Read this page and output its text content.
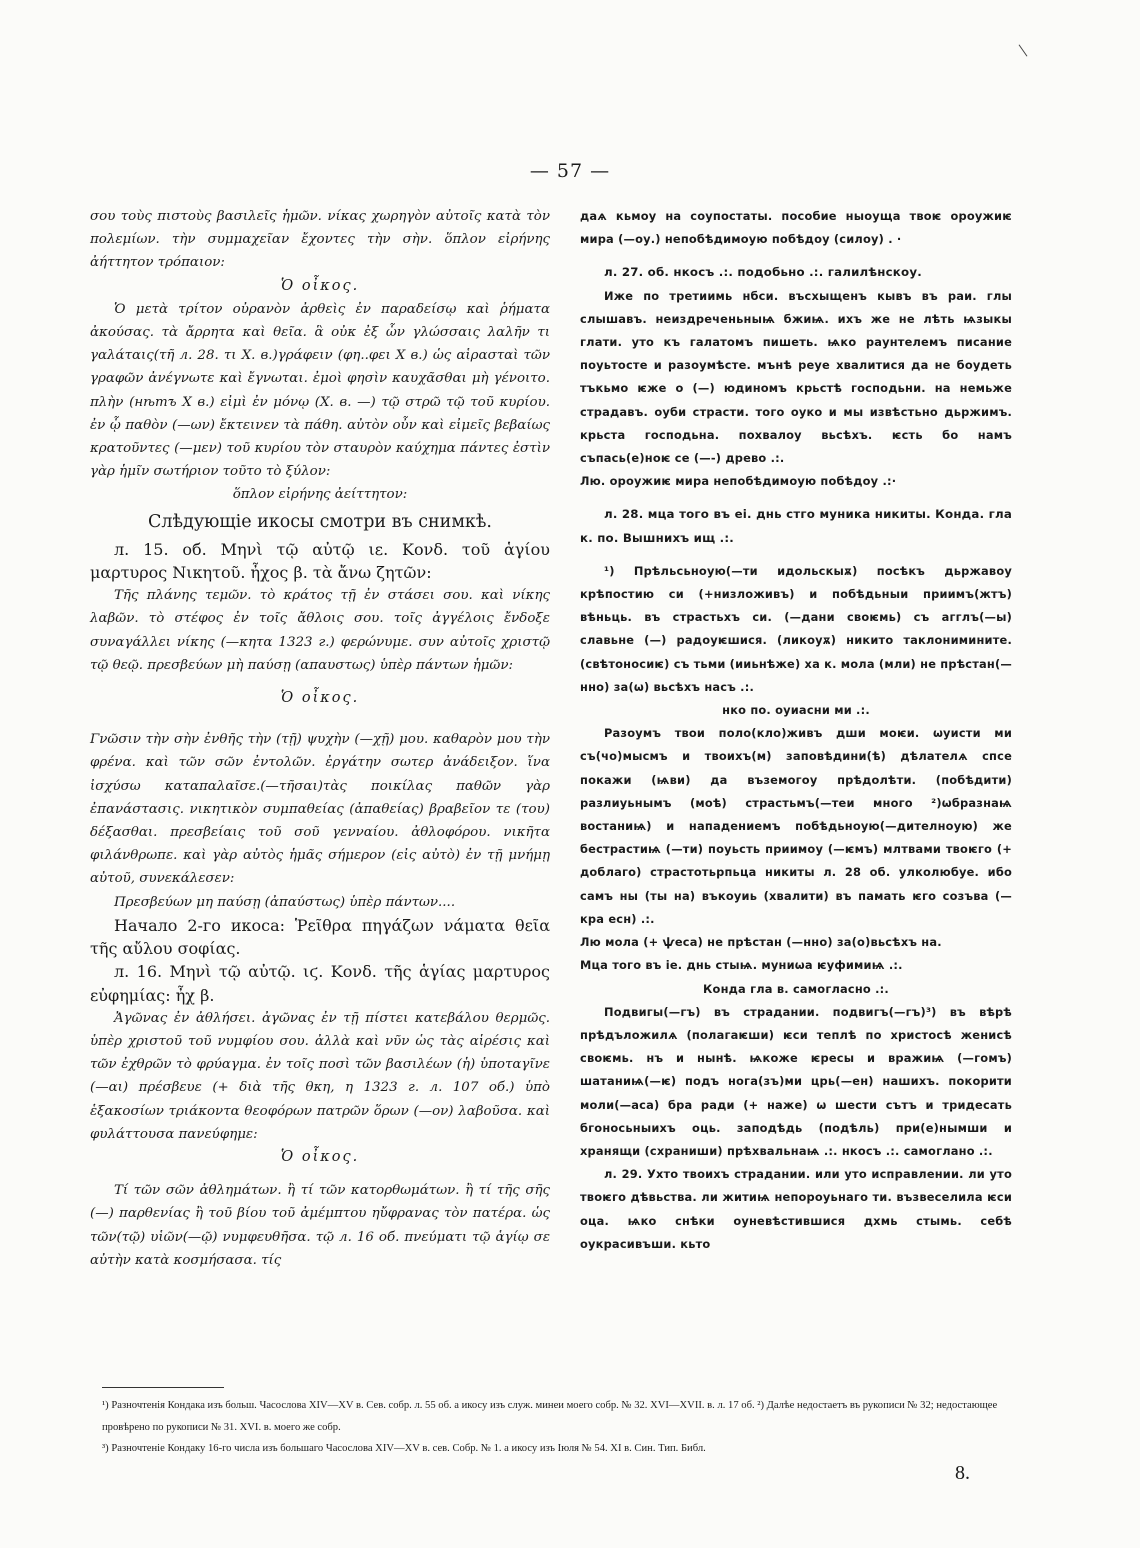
— 57 —

σου τοὺς πιστοὺς βασιλεῖς ἡμῶν. νίκας χωρηγὸν αὐτοῖς κατὰ τὸν πολεμίων. τὴν συμμαχεῖαν ἔχοντες τὴν σὴν. ὅπλον εἰρήνης ἀήττητον τρόπαιον:

Ὁ οἶκος.

Ὁ μετὰ τρίτον οὐρανὸν ἀρθεὶς ἐν παραδείσῳ καὶ ῥήματα ἀκούσας. τὰ ἄρρητα καὶ θεῖα. ἃ οὐκ ἐξ ὧν γλώσσαις λαλῆν τι γαλάταις(τῆ л. 28. τι X. в.)γράφειν (φη..φει X в.) ὡς αἱρασταὶ τῶν γραφῶν ἀνέγνωτε καὶ ἔγνωται. ἐμοὶ φησὶν καυχᾶσθαι μὴ γένοιτο. πλὴν (нѣтъ X в.) εἰμὶ ἐν μόνῳ (X. в. —) τῷ στρῶ τῷ τοῦ κυρίου. ἐν ᾧ παθὸν (—ων) ἔκτεινεν τὰ πάθη. αὐτὸν οὖν καὶ εἰμεῖς βεβαίως κρατοῦντες (—μεν) τοῦ κυρίου τὸν σταυρὸν καύχημα πάντες ἐστὶν γὰρ ἡμῖν σωτήριον τοῦτο τὸ ξύλον:

ὅπλον εἰρήνης ἀείττητον:

Слѣдующіе икосы смотри въ снимкѣ.

л. 15. об. Μηνὶ τῷ αὐτῷ ιε. Κονδ. τοῦ ἁγίου μαρτυρος Νικητοῦ. ἦχος β. τὰ ἄνω ζητῶν:

Τῆς πλάνης τεμῶν. τὸ κράτος τῇ ἐν στάσει σου. καὶ νίκης λαβῶν. τὸ στέφος ἐν τοῖς ἄθλοις σου. τοῖς ἀγγέλοις ἔνδοξε συναγάλλει νίκης (—κητα 1323 г.) φερώνυμε. συν αὐτοῖς χριστῷ τῷ θεῷ. πρεσβεύων μὴ παύσῃ (απαυστως) ὑπὲρ πάντων ἡμῶν:

Ὁ οἶκος.

Γνῶσιν τὴν σὴν ἐνθῆς τὴν (τῇ) ψυχὴν (—χῇ) μου. καθαρὸν μου τὴν φρένα. καὶ τῶν σῶν ἐντολῶν. ἐργάτην σωτερ ἀνάδειξον. ἵνα ἰσχύσω καταπαλαῖσε.(—τῆσαι)τὰς ποικίλας παθῶν γὰρ ἐπανάστασις. νικητικὸν συμπαθείας (ἀπαθείας) βραβεῖον τε (του) δέξασθαι. πρεσβείαις τοῦ σοῦ γενναίου. ἀθλοφόρου. νικῆτα φιλάνθρωπε. καὶ γὰρ αὐτὸς ἡμᾶς σήμερον (εἰς αὐτὸ) ἐν τῇ μνήμῃ αὐτοῦ, συνεκάλεσεν:

Πρεσβεύων μη παύσῃ (ἀπαύστως) ὑπὲρ πάντων....

Начало 2-го икоса: Ῥεῖθρα πηγάζων νάματα θεῖα τῆς αὔλου σοφίας.

л. 16. Μηνὶ τῷ αὐτῷ. ιϛ. Κονδ. τῆς ἁγίας μαρτυρος εὐφημίας: ἦχ β.

Ἀγῶνας ἐν ἀθλήσει. ἀγῶνας ἐν τῇ πίστει κατεβάλου θερμῶς. ὑπὲρ χριστοῦ τοῦ νυμφίου σου. ἀλλὰ καὶ νῦν ὡς τὰς αἱρέσις καὶ τῶν ἐχθρῶν τὸ φρύαγμα. ἐν τοῖς ποσὶ τῶν βασιλέων (ἡ) ὑποταγῖνε (—αι) πρέσβευε (+ διὰ τῆς θκη, η 1323 г. л. 107 об.) ὑπὸ ἑξακοσίων τριάκοντα θεοφόρων πατρῶν ὅρων (—ον) λαβοῦσα. καὶ φυλάττουσα πανεύφημε:

Ὁ οἶκος.

Τί τῶν σῶν ἀθλημάτων. ἢ τί τῶν κατορθωμάτων. ἢ τί τῆς σῆς (—) παρθενίας ἢ τοῦ βίου τοῦ ἀμέμπτου ηὔφρανας τὸν πατέρα. ὡς τῶν(τῷ) υἱῶν(—ῷ) νυμφευθῆσα. τῷ л. 16 об. πνεύματι τῷ ἁγίῳ σε αὐτὴν κατὰ κοσμήσασα. τίς

даѧ кьмоу на соупостаты. пособие ныоуща твоѥ ороужиѥ мира (—оу.) непобѣдимоую побѣдоу (силоу) . ·

л. 27. об. нкосъ .:. подобьно .:. галилѣнскоу.

Иже по третиимь нбси. въсхыщенъ кывъ въ рaи. глы слышавъ. неиздреченьныѩ бжиѩ. ихъ же не лѣть ѩзыкы глати. уто къ галатомъ пишеть. ѩко раунтелемъ писание поуьтосте и разоумѣсте. мънѣ реуе хвалитися да не боудеть тъкьмо ѥже о (—) юдиномъ крьстѣ господьни. на немьже страдавъ. оуби страсти. того оуко и мы извѣстьно дьржимъ. крьста господьна. похвалоу вьсѣхъ. ѥсть бо намъ съпась(е)ноѥ се (—-) древо .:.

Лю. ороужиѥ мира непобѣдимоую побѣдоу .:·

л. 28. мца того въ ei. днь стго муника никиты. Кондa. гла к. по. Вышнихъ ищ .:.

¹) Прѣльсьноую(—ти идольскыѫ) посѣкъ дьржавоу крѣпостию си (+низложивъ) и побѣдьныи приимъ(жтъ) вѣньць. въ страстьхъ си. (—дани своѥмь) съ агглъ(—ы) славьне (—) радоуѥшися. (ликоуѫ) никито таклонимините. (свѣтоносиѥ) съ тьми (ииьнѣже) ха к. мола (мли) не прѣстан(—нно) за(ѡ) вьсѣхъ насъ .:.

нко по. оуиасни ми .:.

Разоумъ твои поло(кло)живъ дши моѥи. ѡуисти ми съ(чо)мысмъ и твоихъ(м) заповѣдини(ѣ) дѣлателѧ спсе покажи (ѩви) да въземогоу прѣдолѣти. (побѣдити) разлиуьнымъ (моѣ) страстьмъ(—теи много ²)ѡбразнаѩ востаниѩ) и нападениемъ побѣдьноую(—дителноую) же бестрастиѩ (—ти) поуьсть приимоу (—ѥмъ) млтвами твоѥго (+ доблаго) страстотьрпьца никиты л. 28 об. улколюбуе. ибо самъ ны (ты на) въкоуиь (хвалити) въ памать ѥго созъва (— кра есн) .:.

Лю мола (+ ѱеса) не прѣстан (—нно) за(о)вьсѣхъ на.

Мца того въ ie. днь стыѩ. муниѡа ѥуфимиѩ .:.

Конда гла в. самогласно .:.

Подвигы(—гъ) въ страдании. подвигъ(—гъ)³) въ вѣрѣ прѣдъложилѧ (полагаѥши) ѥси теплѣ по христосѣ женисѣ своѥмь. нъ и нынѣ. ѩкоже ѥресы и вражиѩ (—гомъ) шатаниѩ(—ѥ) подъ нога(зъ)ми црь(—ен) нашихъ. покорити моли(—аса) бра ради (+ наже) ѡ шести сътъ и тридесать бгоносьныихъ оць. заподѣдь (подѣль) при(е)нымши и хранящи (схраниши) прѣхвальнаѩ .:. нкосъ .:. самоглано .:.

л. 29. Ухто твоихъ страдании. или уто исправлении. ли уто твоѥго дѣвьства. ли житиѩ непороуьнаго ти. възвеселила ѥси оца. ѩко снѣки оуневѣстившися дхмь стымь. себѣ оукрасивъши. кьто

¹) Разночтенія Кондака изъ больш. Часослова XIV—XV в. Сев. собр. л. 55 об. а икосу изъ служ. минеи моего собр. № 32. XVI—XVII. в. л. 17 об. ²) Далѣе недостаетъ въ рукописи № 32; недостающее провѣрено по рукописи № 31. XVI. в. моего же собр.

³) Разночтеніе Кондаку 16-го числа изъ большаго Часослова XIV—XV в. сев. Собр. № 1. а икосу изъ Іюля № 54. XI в. Син. Тип. Библ.

8.
